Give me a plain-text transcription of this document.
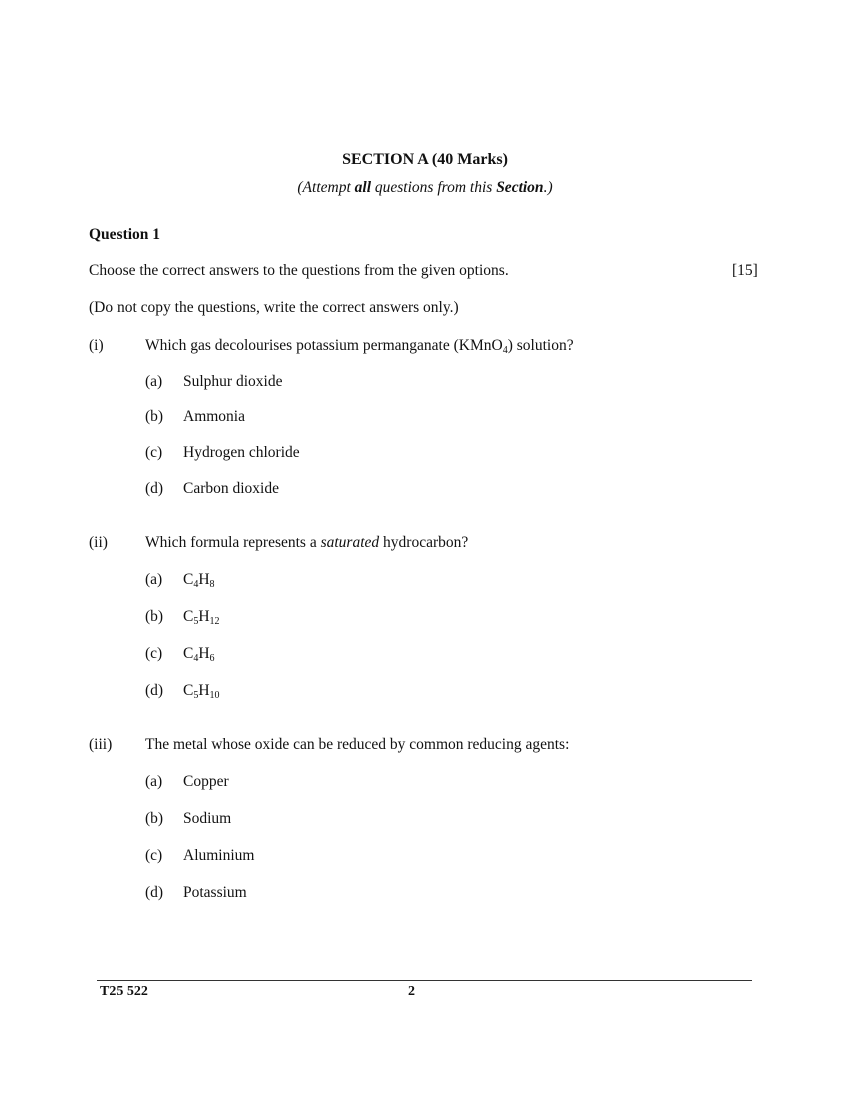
SECTION A (40 Marks)
(Attempt all questions from this Section.)
Question 1
Choose the correct answers to the questions from the given options.	[15]
(Do not copy the questions, write the correct answers only.)
(i)	Which gas decolourises potassium permanganate (KMnO$_4$) solution?
(a) Sulphur dioxide
(b) Ammonia
(c) Hydrogen chloride
(d) Carbon dioxide
(ii) Which formula represents a saturated hydrocarbon?
(a) $C_4H_8$
(b) $C_5H_{12}$
(c) $C_4H_6$
(d) $C_5H_{10}$
(iii) The metal whose oxide can be reduced by common reducing agents:
(a) Copper
(b) Sodium
(c) Aluminium
(d) Potassium
T25 522	2
